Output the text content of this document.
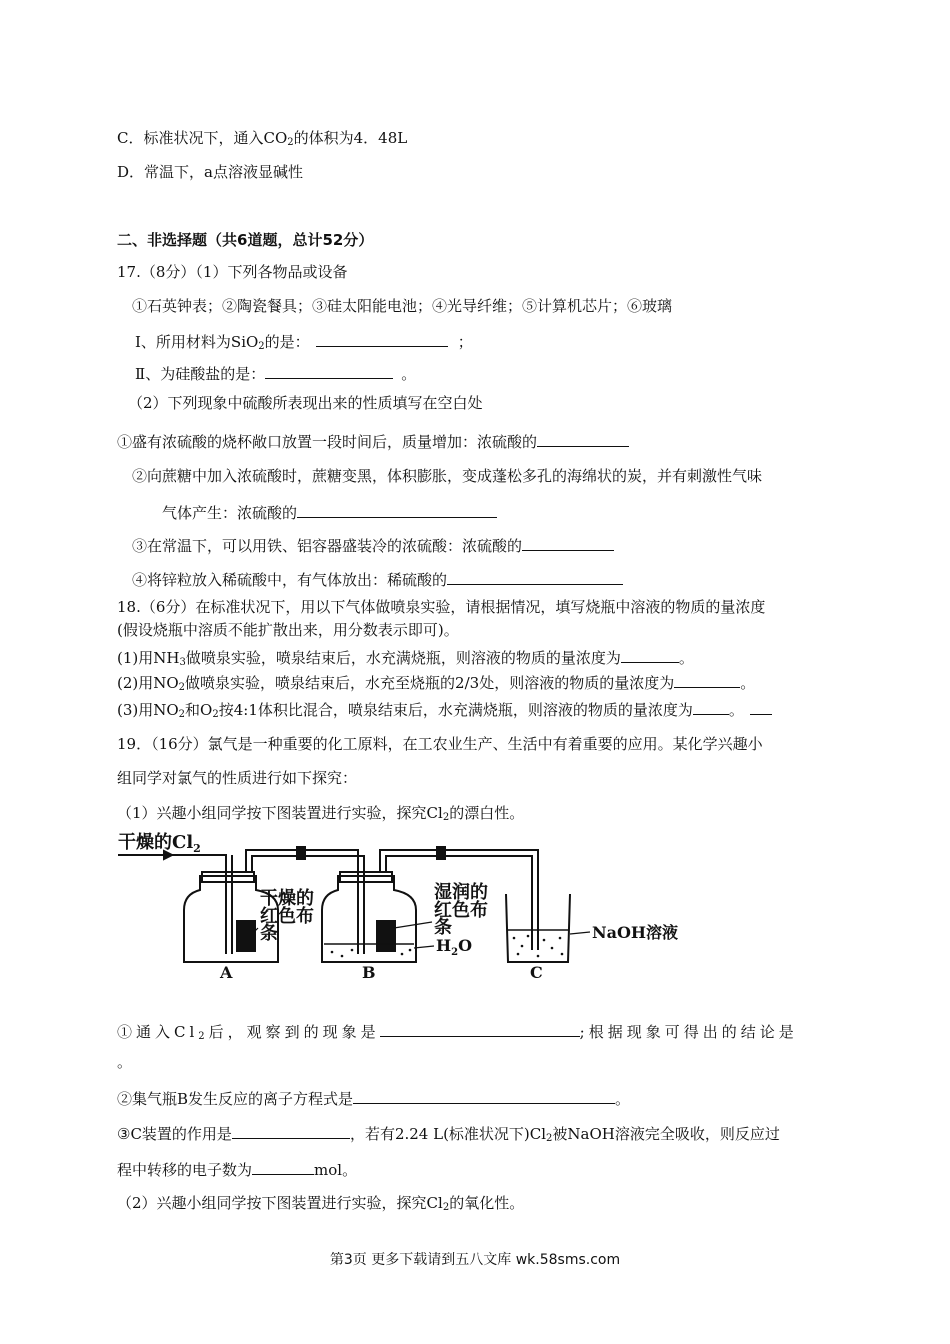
C．标准状况下，通入$CO_2$的体积为4．48L
D．常温下，a点溶液显碱性
二、非选择题（共6道题，总计52分）
17.（8分）（1）下列各物品或设备
①石英钟表；②陶瓷餐具；③硅太阳能电池；④光导纤维；⑤计算机芯片；⑥玻璃
Ⅰ、所用材料为SiO$_2$的是：	；
Ⅱ、为硅酸盐的是：	。
（2）下列现象中硫酸所表现出来的性质填写在空白处
①盛有浓硫酸的烧杯敞口放置一段时间后，质量增加：浓硫酸的
②向蔗糖中加入浓硫酸时，蔗糖变黑，体积膨胀，变成蓬松多孔的海绵状的炭，并有刺激性气味
气体产生：浓硫酸的
③在常温下，可以用铁、铝容器盛装冷的浓硫酸：浓硫酸的
④将锌粒放入稀硫酸中，有气体放出：稀硫酸的
18.（6分）在标准状况下，用以下气体做喷泉实验，请根据情况，填写烧瓶中溶液的物质的量浓度
(假设烧瓶中溶质不能扩散出来，用分数表示即可)。
(1)用$NH_3$做喷泉实验，喷泉结束后，水充满烧瓶，则溶液的物质的量浓度为	。
(2)用$NO_2$做喷泉实验，喷泉结束后，水充至烧瓶的2/3处，则溶液的物质的量浓度为	。
(3)用$NO_2$和$O_2$按4:1体积比混合，喷泉结束后，水充满烧瓶，则溶液的物质的量浓度为 。
19．（16分）氯气是一种重要的化工原料，在工农业生产、生活中有着重要的应用。某化学兴趣小
组同学对氯气的性质进行如下探究：
（1）兴趣小组同学按下图装置进行实验，探究$Cl_2$的漂白性。
干燥的$Cl_2$
干燥的
红色布
条
湿润的
红色布
条
$H_2O$
NaOH溶液
A	B	C
①通入$Cl_2$后，观察到的现象是	;根据现象可得出的结论是
。
②集气瓶B发生反应的离子方程式是	。
③C装置的作用是	，若有2.24 L(标准状况下)$Cl_2$被NaOH溶液完全吸收，则反应过
程中转移的电子数为	mol。
（2）兴趣小组同学按下图装置进行实验，探究$Cl_2$的氧化性。
第3页 更多下载请到五八文库 wk.58sms.com
